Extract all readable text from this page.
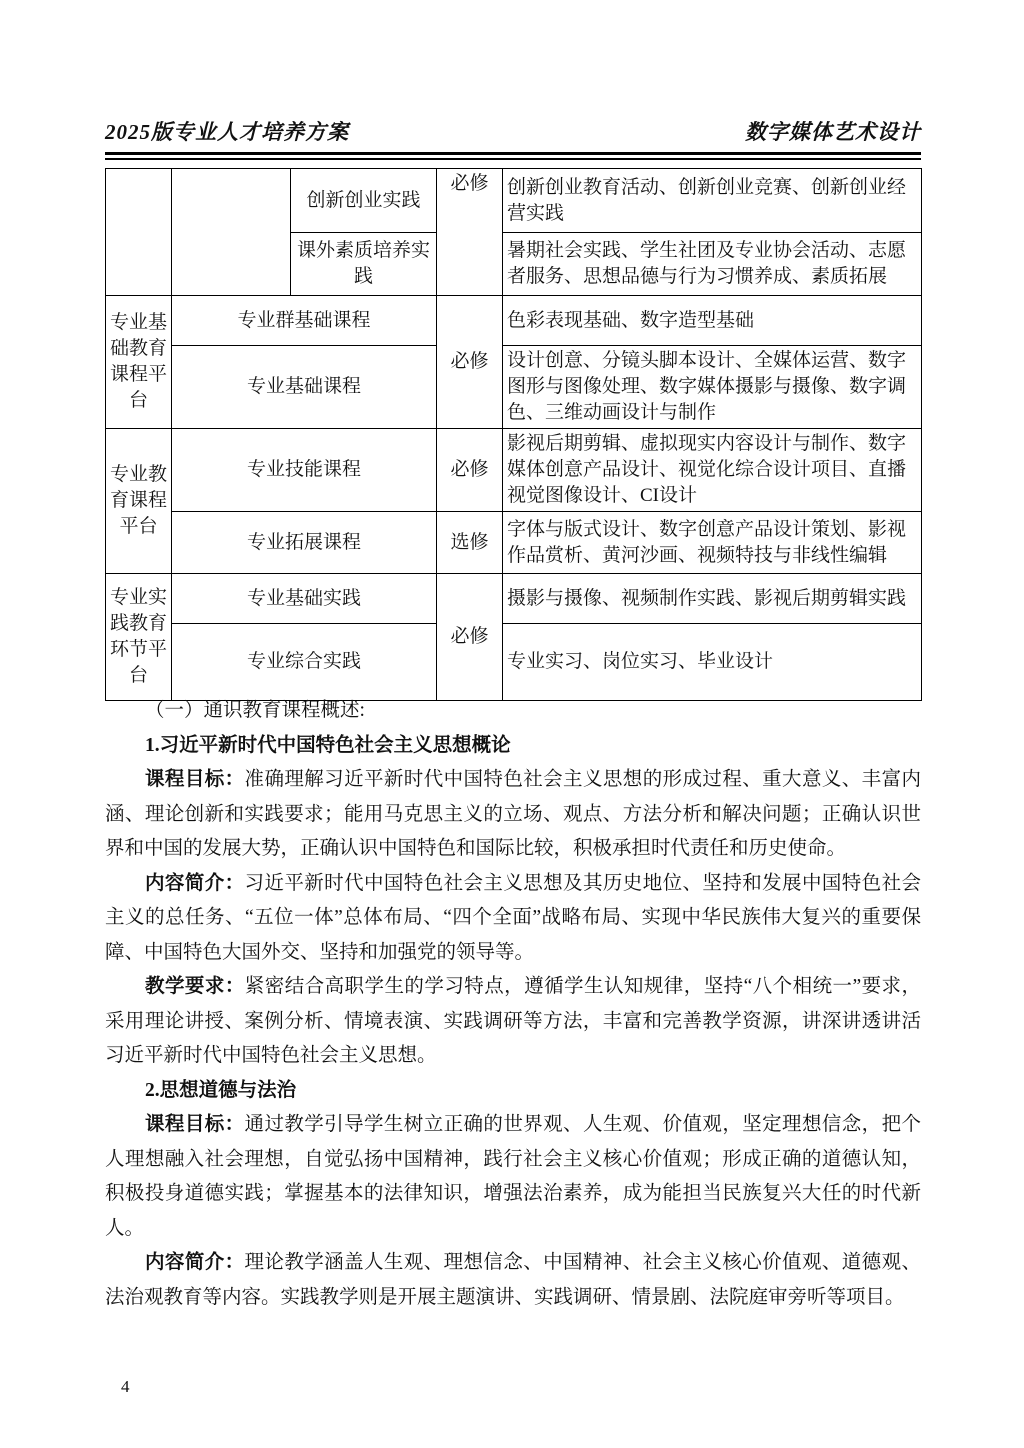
2025版专业人才培养方案	数字媒体艺术设计
		创新创业实践	必修	创新创业教育活动、创新创业竞赛、创新创业经营实践
		课外素质培养实践		暑期社会实践、学生社团及专业协会活动、志愿者服务、思想品德与行为习惯养成、素质拓展
专业基础教育课程平台	专业群基础课程		必修	色彩表现基础、数字造型基础
	专业基础课程			设计创意、分镜头脚本设计、全媒体运营、数字图形与图像处理、数字媒体摄影与摄像、数字调色、三维动画设计与制作
专业教育课程平台	专业技能课程		必修	影视后期剪辑、虚拟现实内容设计与制作、数字媒体创意产品设计、视觉化综合设计项目、直播视觉图像设计、CI设计
	专业拓展课程		选修	字体与版式设计、数字创意产品设计策划、影视作品赏析、黄河沙画、视频特技与非线性编辑
专业实践教育环节平台	专业基础实践		必修	摄影与摄像、视频制作实践、影视后期剪辑实践
	专业综合实践			专业实习、岗位实习、毕业设计

（一）通识教育课程概述:

1.习近平新时代中国特色社会主义思想概论

课程目标：准确理解习近平新时代中国特色社会主义思想的形成过程、重大意义、丰富内涵、理论创新和实践要求；能用马克思主义的立场、观点、方法分析和解决问题；正确认识世界和中国的发展大势，正确认识中国特色和国际比较，积极承担时代责任和历史使命。

内容简介：习近平新时代中国特色社会主义思想及其历史地位、坚持和发展中国特色社会主义的总任务、“五位一体”总体布局、“四个全面”战略布局、实现中华民族伟大复兴的重要保障、中国特色大国外交、坚持和加强党的领导等。

教学要求：紧密结合高职学生的学习特点，遵循学生认知规律，坚持“八个相统一”要求，采用理论讲授、案例分析、情境表演、实践调研等方法，丰富和完善教学资源，讲深讲透讲活习近平新时代中国特色社会主义思想。

2.思想道德与法治

课程目标：通过教学引导学生树立正确的世界观、人生观、价值观，坚定理想信念，把个人理想融入社会理想，自觉弘扬中国精神，践行社会主义核心价值观；形成正确的道德认知，积极投身道德实践；掌握基本的法律知识，增强法治素养，成为能担当民族复兴大任的时代新人。

内容简介：理论教学涵盖人生观、理想信念、中国精神、社会主义核心价值观、道德观、法治观教育等内容。实践教学则是开展主题演讲、实践调研、情景剧、法院庭审旁听等项目。

4
